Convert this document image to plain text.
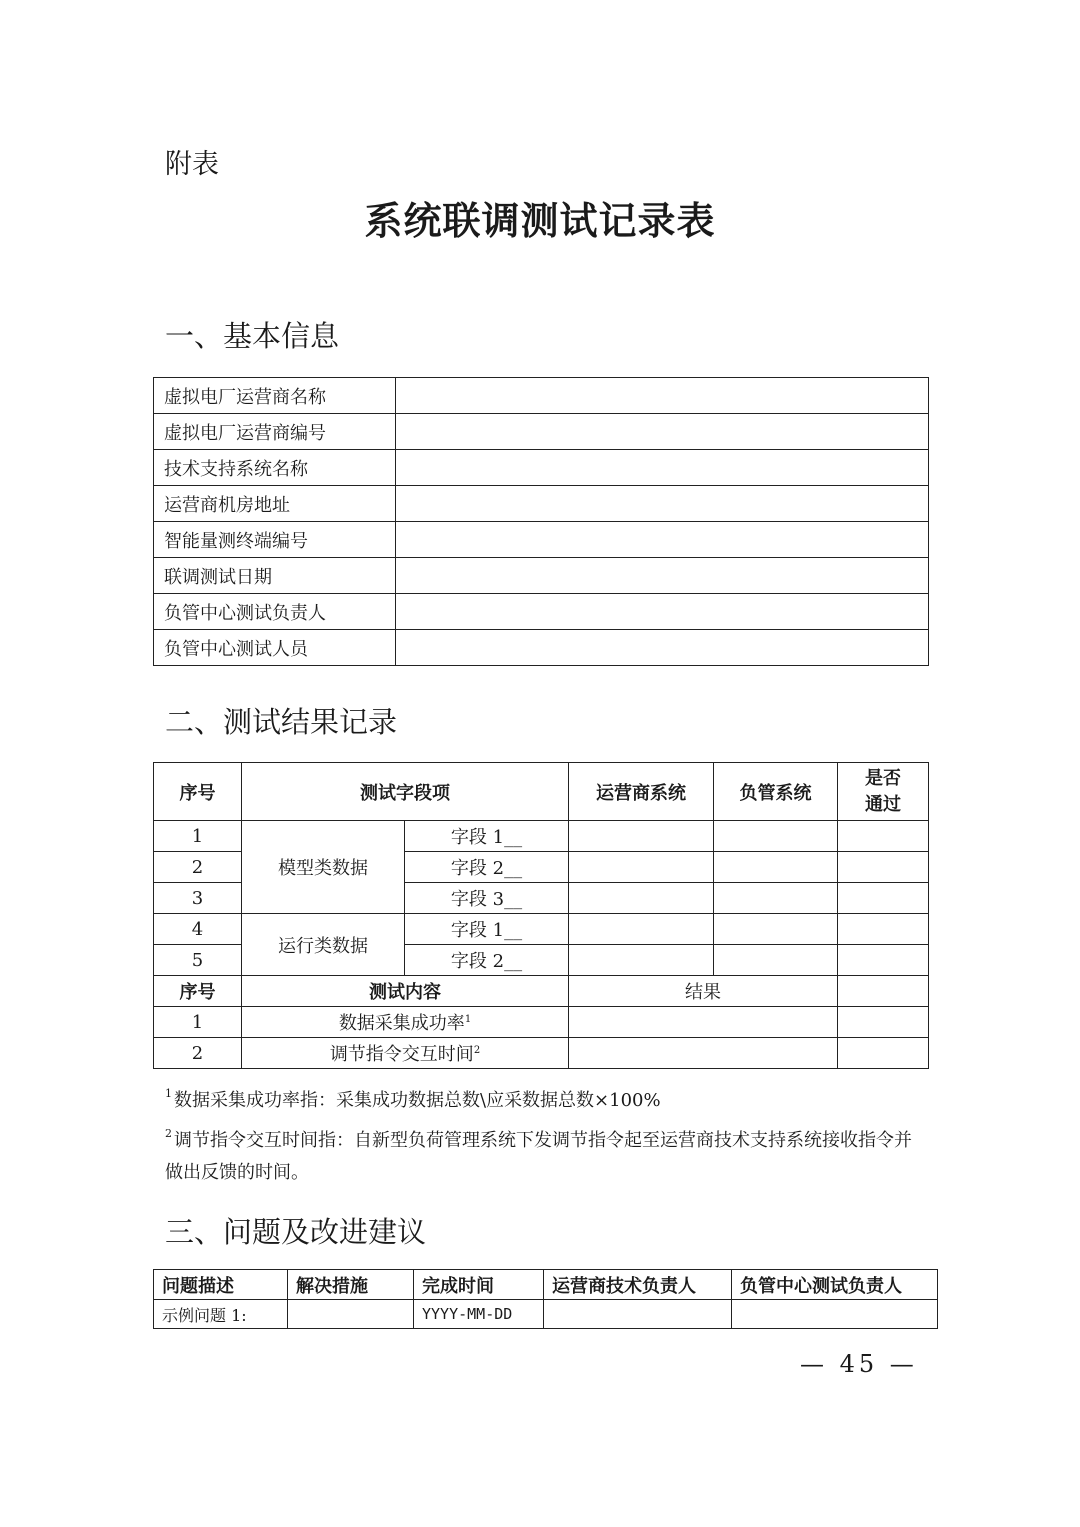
附表
系统联调测试记录表
一、基本信息
虚拟电厂运营商名称	
虚拟电厂运营商编号	
技术支持系统名称	
运营商机房地址	
智能量测终端编号	
联调测试日期	
负管中心测试负责人	
负管中心测试人员	
二、测试结果记录
序号	测试字段项		运营商系统	负管系统	是否通过
1	模型类数据	字段 1__			
2		字段 2__			
3		字段 3__			
4	运行类数据	字段 1__			
5		字段 2__			
序号	测试内容		结果		
1	数据采集成功率$^1$		
2	调节指令交互时间$^2$		
$^1$ 数据采集成功率指：采集成功数据总数\应采数据总数×100%
$^2$ 调节指令交互时间指：自新型负荷管理系统下发调节指令起至运营商技术支持系统接收指令并做出反馈的时间。
三、问题及改进建议
问题描述	解决措施	完成时间	运营商技术负责人	负管中心测试负责人
示例问题 1:		YYYY-MM-DD		
— 45 —
